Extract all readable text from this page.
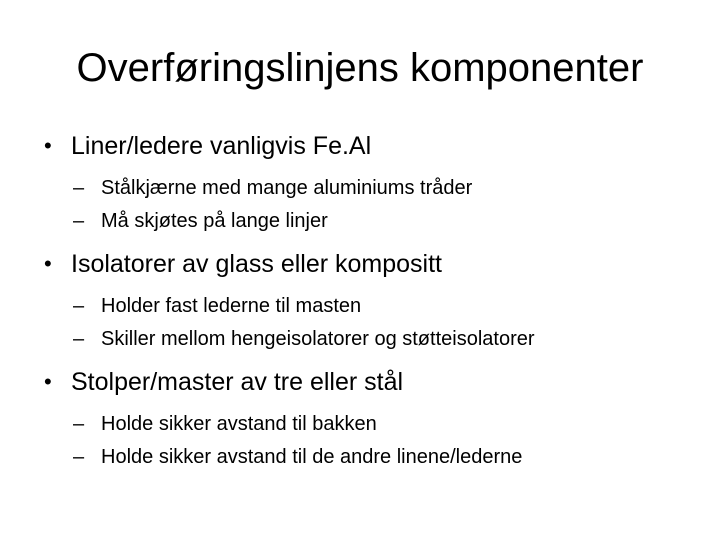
Overføringslinjens komponenter
• Liner/ledere vanligvis Fe.Al
– Stålkjærne med mange aluminiums tråder
– Må skjøtes på lange linjer
• Isolatorer av glass eller kompositt
– Holder fast lederne til masten
– Skiller mellom hengeisolatorer og støtteisolatorer
• Stolper/master av tre eller stål
– Holde sikker avstand til bakken
– Holde sikker avstand til de andre linene/lederne
